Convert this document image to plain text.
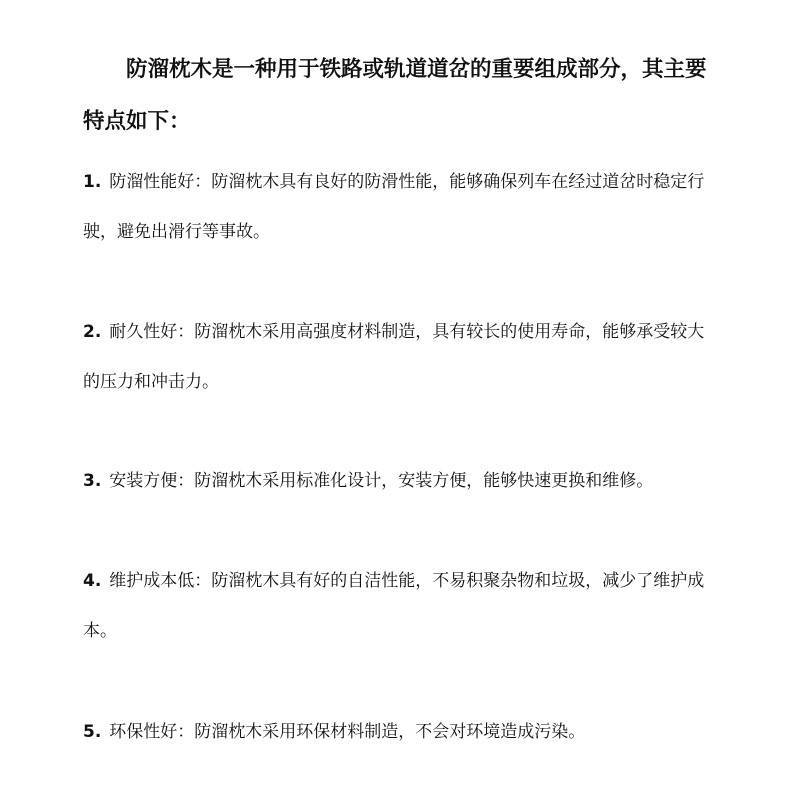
防溜枕木是一种用于铁路或轨道道岔的重要组成部分，其主要特点如下：

1. 防溜性能好：防溜枕木具有良好的防滑性能，能够确保列车在经过道岔时稳定行驶，避免出滑行等事故。

2. 耐久性好：防溜枕木采用高强度材料制造，具有较长的使用寿命，能够承受较大的压力和冲击力。

3. 安装方便：防溜枕木采用标准化设计，安装方便，能够快速更换和维修。

4. 维护成本低：防溜枕木具有好的自洁性能，不易积聚杂物和垃圾，减少了维护成本。

5. 环保性好：防溜枕木采用环保材料制造，不会对环境造成污染。
